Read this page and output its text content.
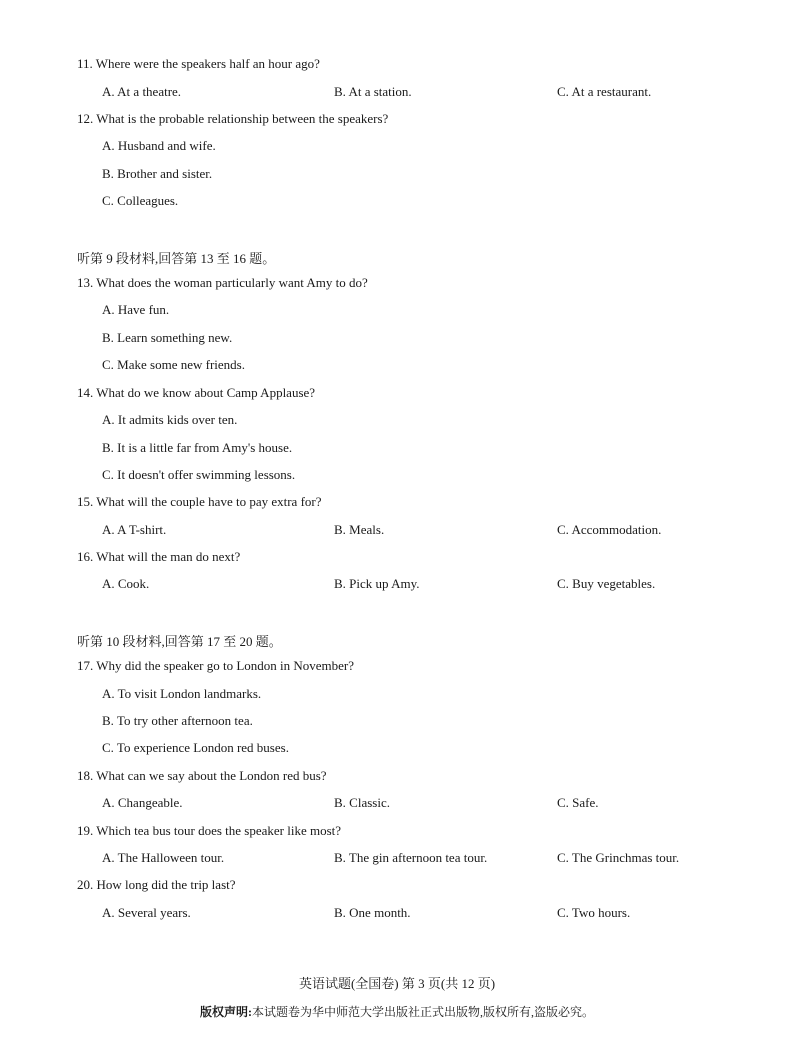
11. Where were the speakers half an hour ago?
A. At a theatre.	B. At a station.	C. At a restaurant.
12. What is the probable relationship between the speakers?
A. Husband and wife.
B. Brother and sister.
C. Colleagues.
听第 9 段材料,回答第 13 至 16 题。
13. What does the woman particularly want Amy to do?
A. Have fun.
B. Learn something new.
C. Make some new friends.
14. What do we know about Camp Applause?
A. It admits kids over ten.
B. It is a little far from Amy's house.
C. It doesn't offer swimming lessons.
15. What will the couple have to pay extra for?
A. A T-shirt.	B. Meals.	C. Accommodation.
16. What will the man do next?
A. Cook.	B. Pick up Amy.	C. Buy vegetables.
听第 10 段材料,回答第 17 至 20 题。
17. Why did the speaker go to London in November?
A. To visit London landmarks.
B. To try other afternoon tea.
C. To experience London red buses.
18. What can we say about the London red bus?
A. Changeable.	B. Classic.	C. Safe.
19. Which tea bus tour does the speaker like most?
A. The Halloween tour.	B. The gin afternoon tea tour.	C. The Grinchmas tour.
20. How long did the trip last?
A. Several years.	B. One month.	C. Two hours.
英语试题(全国卷) 第 3 页(共 12 页)
版权声明:本试题卷为华中师范大学出版社正式出版物,版权所有,盗版必究。
